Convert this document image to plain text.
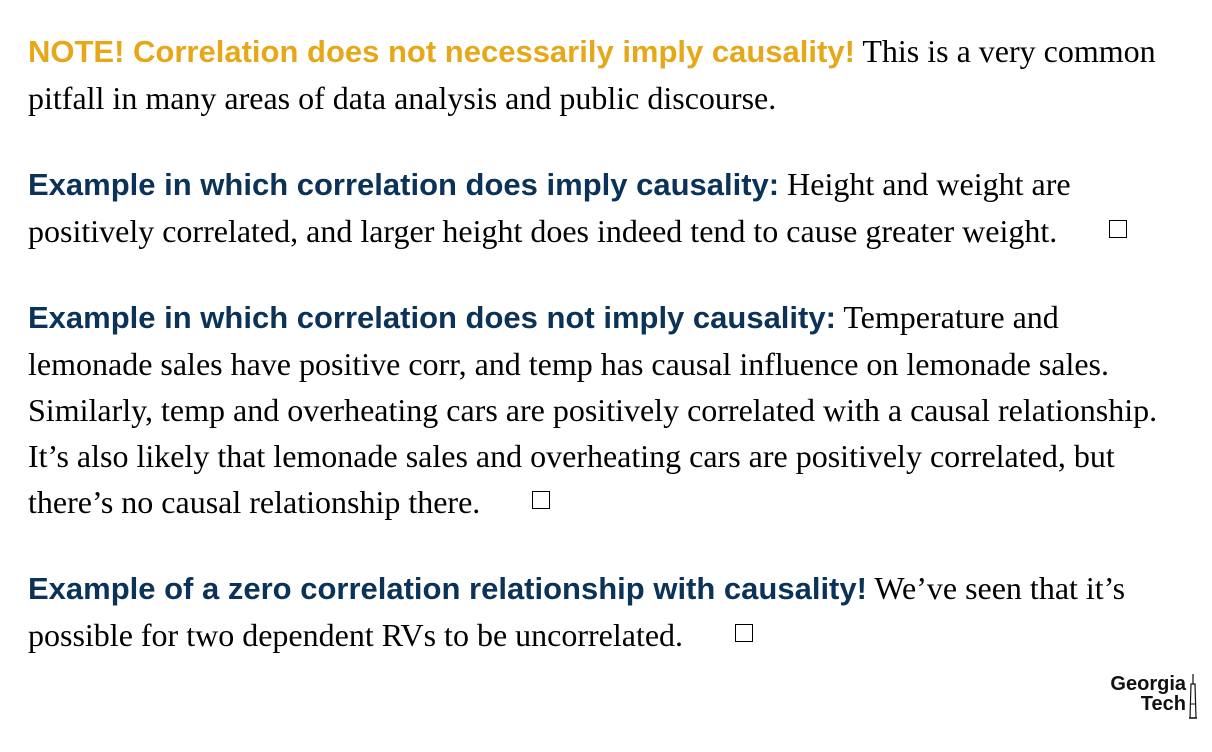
NOTE! Correlation does not necessarily imply causality! This is a very common pitfall in many areas of data analysis and public discourse.

Example in which correlation does imply causality: Height and weight are positively correlated, and larger height does indeed tend to cause greater weight.

Example in which correlation does not imply causality: Temperature and lemonade sales have positive corr, and temp has causal influence on lemonade sales. Similarly, temp and overheating cars are positively correlated with a causal relationship. It’s also likely that lemonade sales and overheating cars are positively correlated, but there’s no causal relationship there.

Example of a zero correlation relationship with causality! We’ve seen that it’s possible for two dependent RVs to be uncorrelated.

Georgia
Tech
